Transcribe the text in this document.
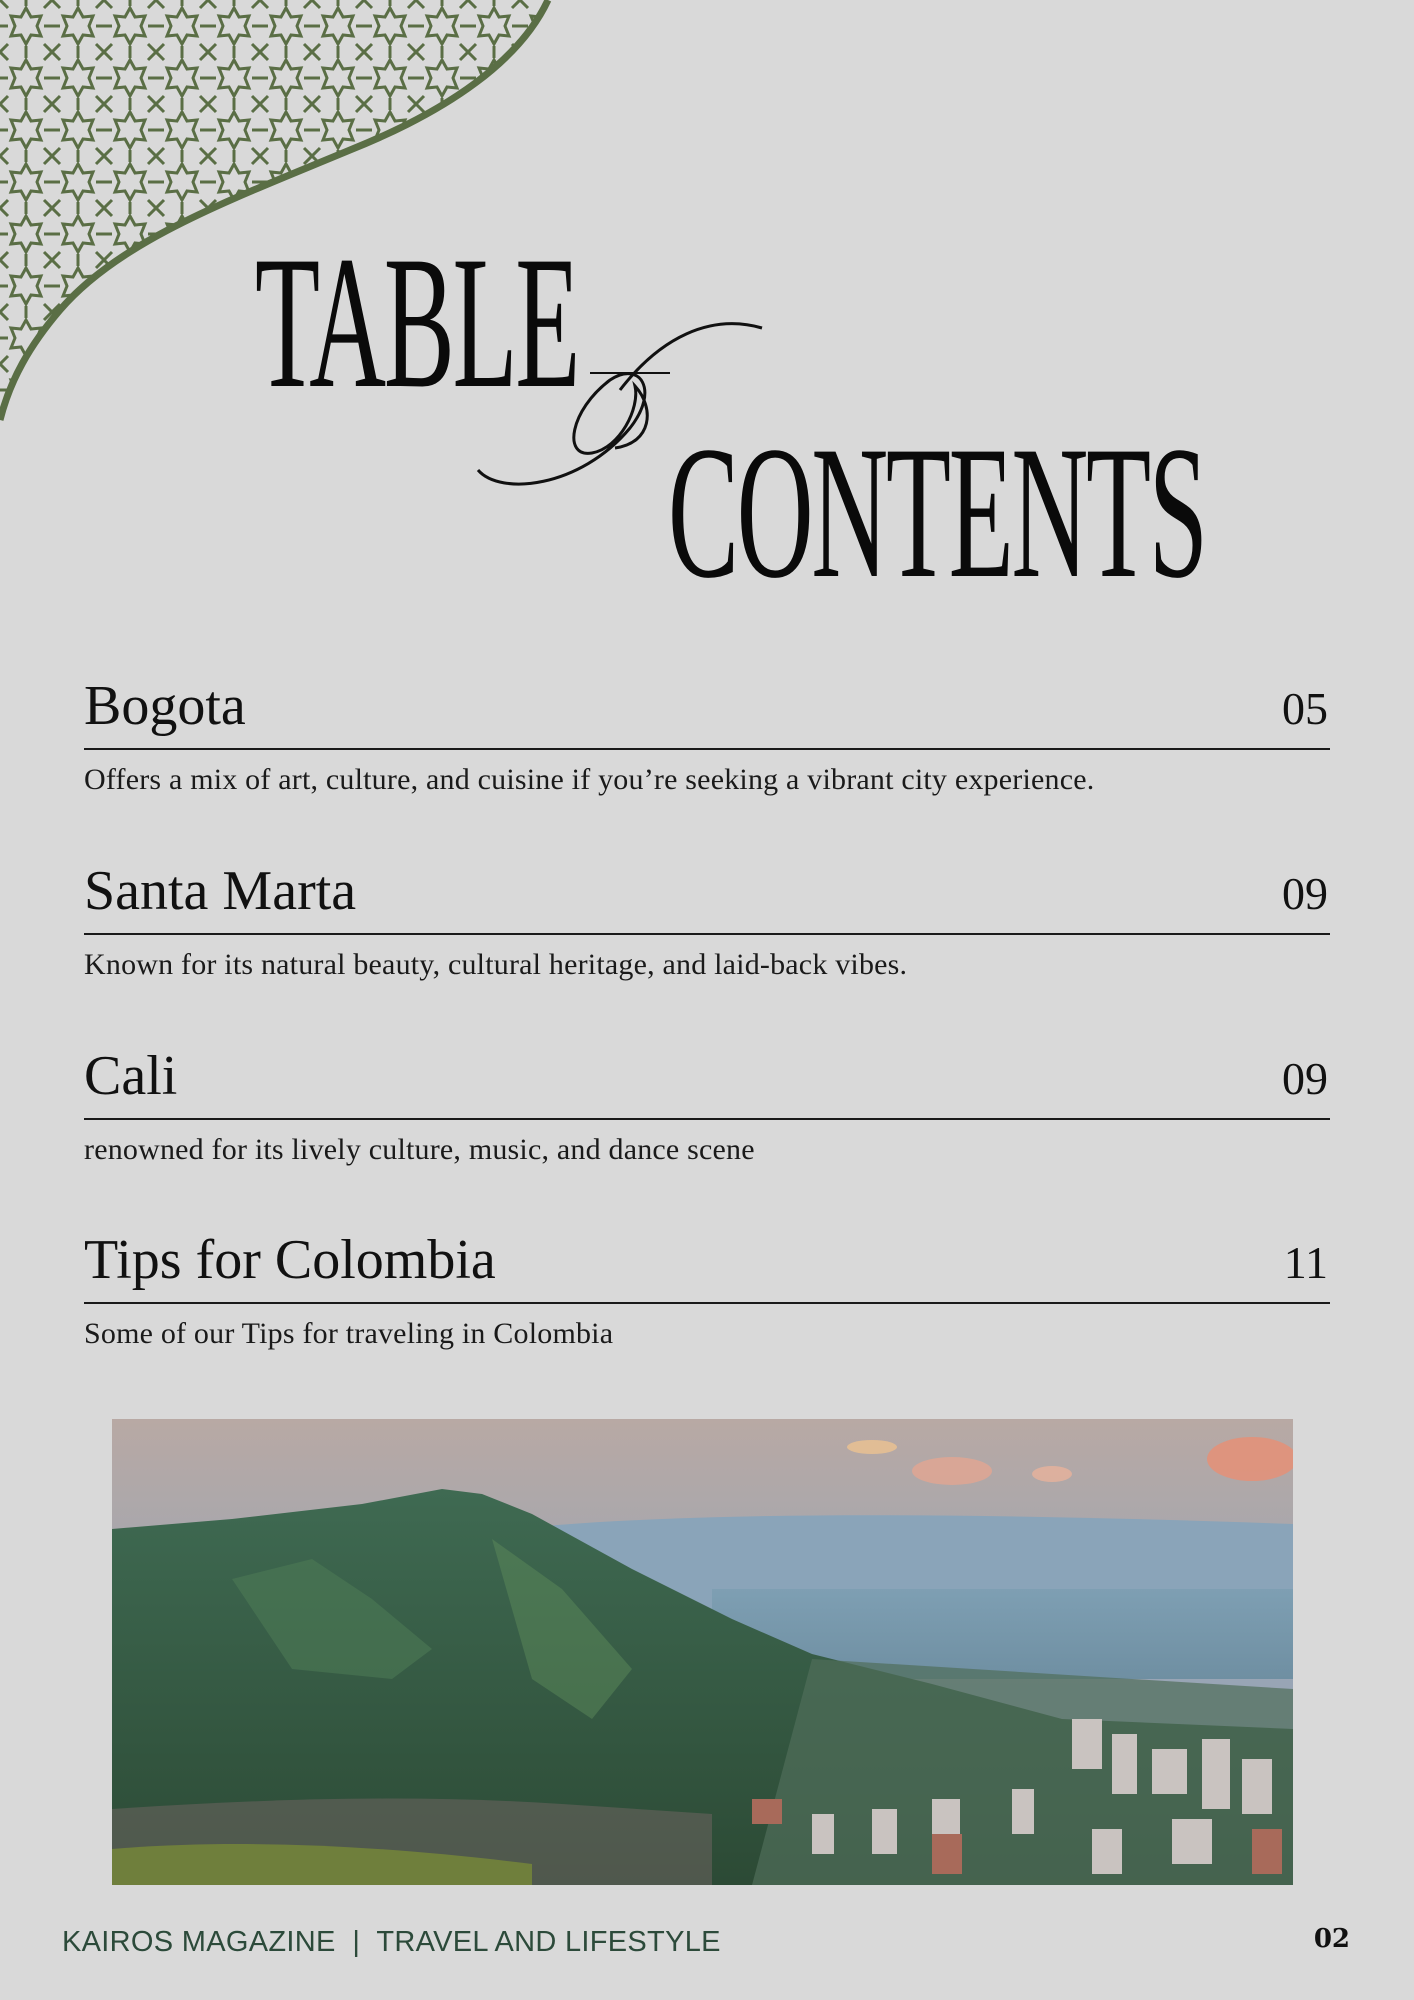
TABLE
CONTENTS
Bogota	05
Offers a mix of art, culture, and cuisine if you’re seeking a vibrant city experience.
Santa Marta	09
Known for its natural beauty, cultural heritage, and laid-back vibes.
Cali	09
renowned for its lively culture, music, and dance scene
Tips for Colombia	11
Some of our Tips for traveling in Colombia
KAIROS MAGAZINE  |  TRAVEL AND LIFESTYLE	02
